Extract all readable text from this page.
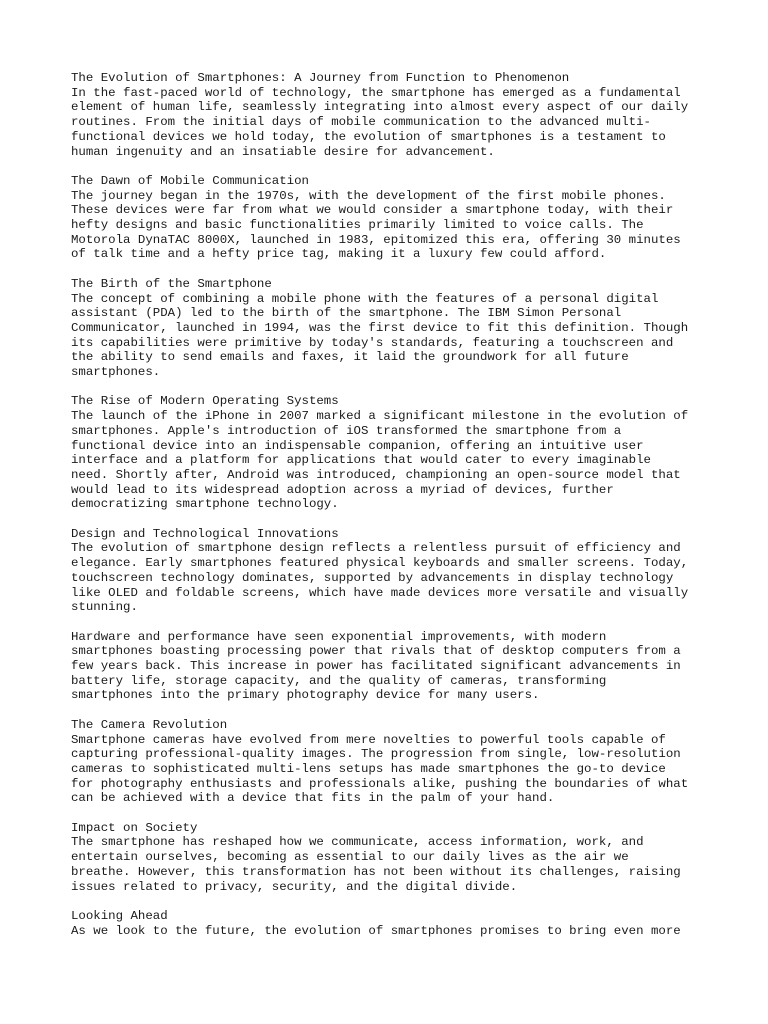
The Evolution of Smartphones: A Journey from Function to Phenomenon
In the fast-paced world of technology, the smartphone has emerged as a fundamental
element of human life, seamlessly integrating into almost every aspect of our daily
routines. From the initial days of mobile communication to the advanced multi-
functional devices we hold today, the evolution of smartphones is a testament to
human ingenuity and an insatiable desire for advancement.
The Dawn of Mobile Communication
The journey began in the 1970s, with the development of the first mobile phones.
These devices were far from what we would consider a smartphone today, with their
hefty designs and basic functionalities primarily limited to voice calls. The
Motorola DynaTAC 8000X, launched in 1983, epitomized this era, offering 30 minutes
of talk time and a hefty price tag, making it a luxury few could afford.
The Birth of the Smartphone
The concept of combining a mobile phone with the features of a personal digital
assistant (PDA) led to the birth of the smartphone. The IBM Simon Personal
Communicator, launched in 1994, was the first device to fit this definition. Though
its capabilities were primitive by today's standards, featuring a touchscreen and
the ability to send emails and faxes, it laid the groundwork for all future
smartphones.
The Rise of Modern Operating Systems
The launch of the iPhone in 2007 marked a significant milestone in the evolution of
smartphones. Apple's introduction of iOS transformed the smartphone from a
functional device into an indispensable companion, offering an intuitive user
interface and a platform for applications that would cater to every imaginable
need. Shortly after, Android was introduced, championing an open-source model that
would lead to its widespread adoption across a myriad of devices, further
democratizing smartphone technology.
Design and Technological Innovations
The evolution of smartphone design reflects a relentless pursuit of efficiency and
elegance. Early smartphones featured physical keyboards and smaller screens. Today,
touchscreen technology dominates, supported by advancements in display technology
like OLED and foldable screens, which have made devices more versatile and visually
stunning.
Hardware and performance have seen exponential improvements, with modern
smartphones boasting processing power that rivals that of desktop computers from a
few years back. This increase in power has facilitated significant advancements in
battery life, storage capacity, and the quality of cameras, transforming
smartphones into the primary photography device for many users.
The Camera Revolution
Smartphone cameras have evolved from mere novelties to powerful tools capable of
capturing professional-quality images. The progression from single, low-resolution
cameras to sophisticated multi-lens setups has made smartphones the go-to device
for photography enthusiasts and professionals alike, pushing the boundaries of what
can be achieved with a device that fits in the palm of your hand.
Impact on Society
The smartphone has reshaped how we communicate, access information, work, and
entertain ourselves, becoming as essential to our daily lives as the air we
breathe. However, this transformation has not been without its challenges, raising
issues related to privacy, security, and the digital divide.
Looking Ahead
As we look to the future, the evolution of smartphones promises to bring even more
